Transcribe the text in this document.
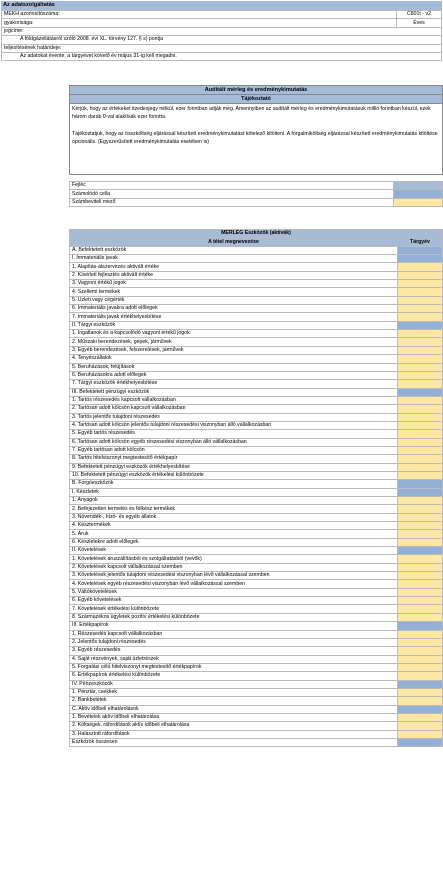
Az adatszolgáltatás
MEKH azonosítószáma:	C801t - v2
gyakorisága:	Éves
jogcíme:	
A földgázellátásról szóló 2008. évi XL. törvény 127. § s) pontja	
teljesítésének határideje:	
Az adatokat évente, a tárgyévet követő év május 31-ig kell megadni.	
Auditált mérleg és eredménykimutatás
Tájékoztató

Kérjük, hogy az értékeket tizedesjegy nélkül, ezer forintban adják meg. Amennyiben az auditált mérleg és eredménykimutatásuk millió forintban készül, ezek három darab 0-val alakítsák ezer forintta.

Tájékoztatjuk, hogy az összköltség eljárással készített eredménykimutatást kötelező kitölteni. A forgalmiköltség eljárással készített eredménykimutatás kitöltése opcionális. (Egyszerűsített eredménykimutatás esetében is)

Fejléc	
Számolódó cella	
Számbeviteli mező	
MÉRLEG Eszközök (aktívák)	
A tétel megnevezése	Tárgyév
A. Befektetett eszközök	
I. Immateriális javak	
1. Alapítás-átszervezés aktivált értéke	
2. Kísérleti fejlesztés aktivált értéke	
3. Vagyoni értékű jogok	
4. Szellemi termékek	
5. Üzleti vagy cégérték	
6. Immateriális javakra adott előlegek	
7. Immateriális javak értékhelyesbítése	
II. Tárgyi eszközök	
1. Ingatlanok és a kapcsolódó vagyoni értékű jogok	
2. Műszaki berendezések, gépek, járművek	
3. Egyéb berendezések, felszerelések, járművek	
4. Tenyészállatok	
5. Beruházások, felújítások	
6. Beruházásokra adott előlegek	
7. Tárgyi eszközök értékhelyesbítése	
III. Befektetett pénzügyi eszközök	
1. Tartós részesedés kapcsolt vállalkozásban	
2. Tartósan adott kölcsön kapcsolt vállalkozásban	
3. Tartós jelentős tulajdoni részesedés	
4. Tartósan adott kölcsön jelentős tulajdoni részesedési viszonyban álló vállalkozásban	
5. Egyéb tartós részesedés	
6. Tartósan adott kölcsön egyéb részesedési viszonyban álló vállalkozásban	
7. Egyéb tartósan adott kölcsön	
8. Tartós hitelviszonyt megtestesítő értékpapír	
9. Befektetett pénzügyi eszközök értékhelyesbítése	
10. Befektetett pénzügyi eszközök értékelési különbözete	
B. Forgóeszközök	
I. Készletek	
1. Anyagok	
2. Befejezetlen termelés és félkész termékek	
3. Növendék-, hízó- és egyéb állatok	
4. Késztermékek	
5. Áruk	
6. Készletekre adott előlegek	
II. Követelések	
1. Követelések áruszállításból és szolgáltatásból (vevők)	
2. Követelések kapcsolt vállalkozással szemben	
3. Követelések jelentős tulajdoni részesedési viszonyban lévő vállalkozással szemben	
4. Követelések egyéb részesedési viszonyban lévő vállalkozással szemben	
5. Váltókövetelések	
6. Egyéb követelések	
7. Követelések értékelési különbözete	
8. Származékos ügyletek pozitív értékelési különbözete	
III. Értékpapírok	
1. Részesedés kapcsolt vállalkozásban	
2. Jelentős tulajdoni részesedés	
3. Egyéb részesedés	
4. Saját részvények, saját üzletrészek	
5. Forgatási célú hitelviszonyt megtestesítő értékpapírok	
6. Értékpapírok értékelési különbözete	
IV. Pénzeszközök	
1. Pénztár, csekkek	
2. Bankbetétek	
C. Aktív időbeli elhatárolások	
1. Bevételek aktív időbeli elhatárolása	
2. Költségek, ráfordítások aktív időbeli elhatárolása	
3. Halasztott ráfordítások	
Eszközök összesen	
